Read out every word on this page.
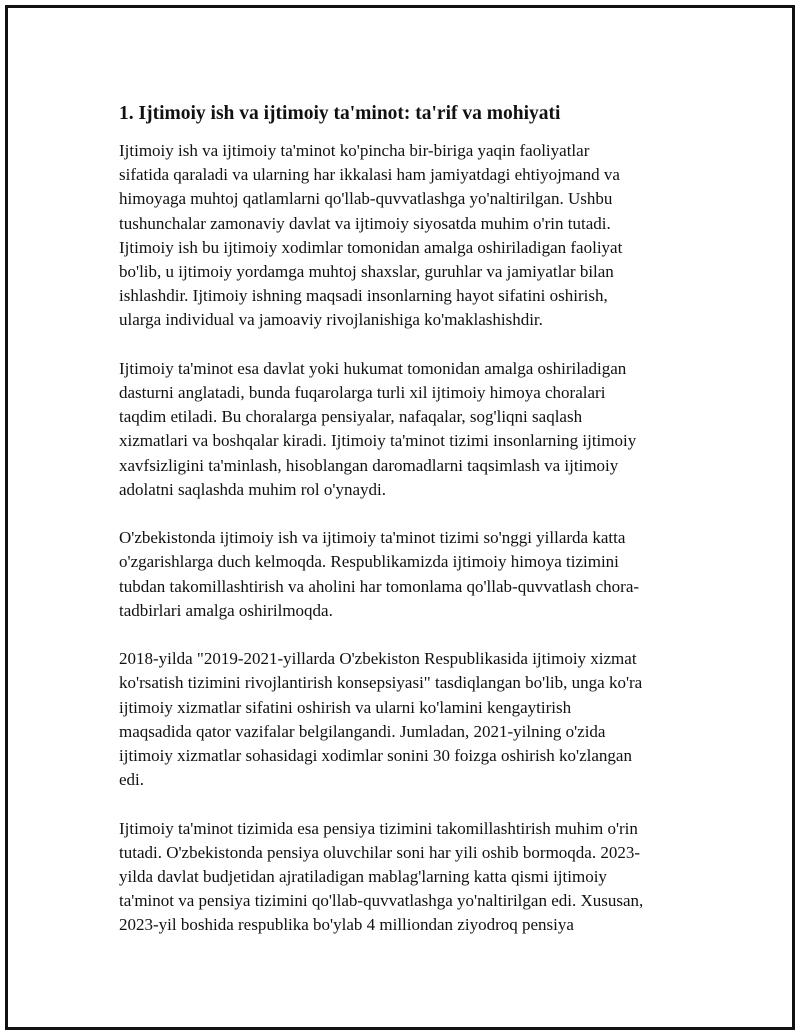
1. Ijtimoiy ish va ijtimoiy ta'minot: ta'rif va mohiyati

Ijtimoiy ish va ijtimoiy ta'minot ko'pincha bir-biriga yaqin faoliyatlar
sifatida qaraladi va ularning har ikkalasi ham jamiyatdagi ehtiyojmand va
himoyaga muhtoj qatlamlarni qo'llab-quvvatlashga yo'naltirilgan. Ushbu
tushunchalar zamonaviy davlat va ijtimoiy siyosatda muhim o'rin tutadi.
Ijtimoiy ish bu ijtimoiy xodimlar tomonidan amalga oshiriladigan faoliyat
bo'lib, u ijtimoiy yordamga muhtoj shaxslar, guruhlar va jamiyatlar bilan
ishlashdir. Ijtimoiy ishning maqsadi insonlarning hayot sifatini oshirish,
ularga individual va jamoaviy rivojlanishiga ko'maklashishdir.

Ijtimoiy ta'minot esa davlat yoki hukumat tomonidan amalga oshiriladigan
dasturni anglatadi, bunda fuqarolarga turli xil ijtimoiy himoya choralari
taqdim etiladi. Bu choralarga pensiyalar, nafaqalar, sog'liqni saqlash
xizmatlari va boshqalar kiradi. Ijtimoiy ta'minot tizimi insonlarning ijtimoiy
xavfsizligini ta'minlash, hisoblangan daromadlarni taqsimlash va ijtimoiy
adolatni saqlashda muhim rol o'ynaydi.

O'zbekistonda ijtimoiy ish va ijtimoiy ta'minot tizimi so'nggi yillarda katta
o'zgarishlarga duch kelmoqda. Respublikamizda ijtimoiy himoya tizimini
tubdan takomillashtirish va aholini har tomonlama qo'llab-quvvatlash chora-
tadbirlari amalga oshirilmoqda.

2018-yilda "2019-2021-yillarda O'zbekiston Respublikasida ijtimoiy xizmat
ko'rsatish tizimini rivojlantirish konsepsiyasi" tasdiqlangan bo'lib, unga ko'ra
ijtimoiy xizmatlar sifatini oshirish va ularni ko'lamini kengaytirish
maqsadida qator vazifalar belgilangandi. Jumladan, 2021-yilning o'zida
ijtimoiy xizmatlar sohasidagi xodimlar sonini 30 foizga oshirish ko'zlangan
edi.

Ijtimoiy ta'minot tizimida esa pensiya tizimini takomillashtirish muhim o'rin
tutadi. O'zbekistonda pensiya oluvchilar soni har yili oshib bormoqda. 2023-
yilda davlat budjetidan ajratiladigan mablag'larning katta qismi ijtimoiy
ta'minot va pensiya tizimini qo'llab-quvvatlashga yo'naltirilgan edi. Xususan,
2023-yil boshida respublika bo'ylab 4 milliondan ziyodroq pensiya
